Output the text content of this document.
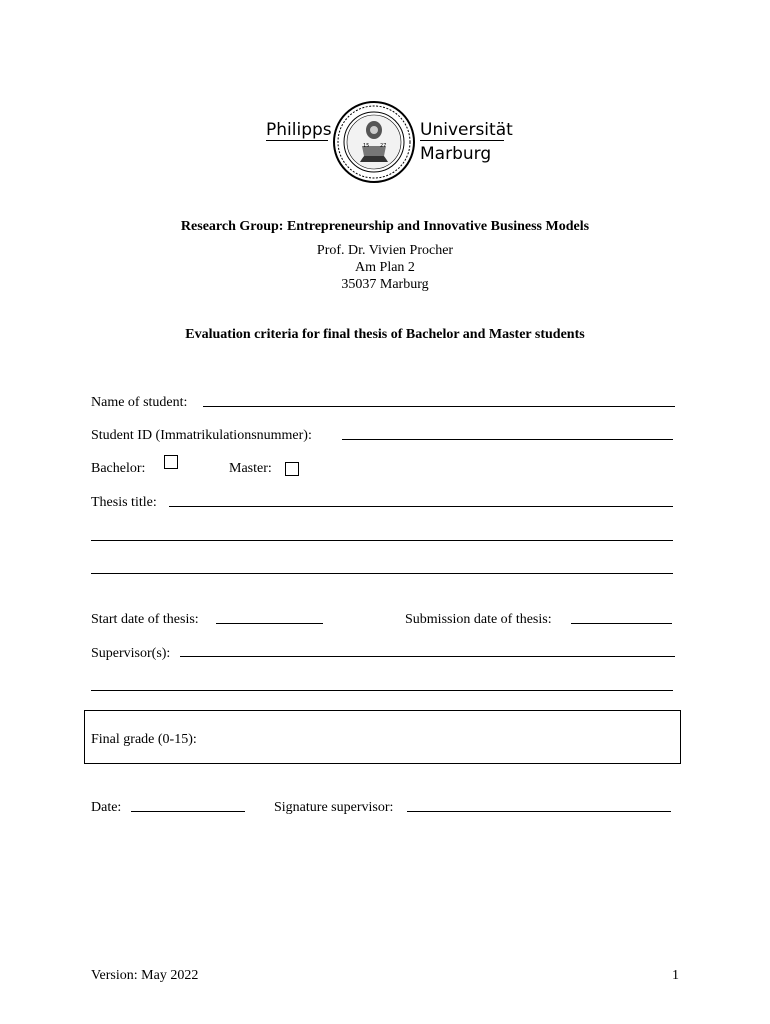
Philipps
15 27
Universität
Marburg
Research Group: Entrepreneurship and Innovative Business Models
Prof. Dr. Vivien Procher
Am Plan 2
35037 Marburg
Evaluation criteria for final thesis of Bachelor and Master students
Name of student:
Student ID (Immatrikulationsnummer):
Bachelor:	Master:
Thesis title:
Start date of thesis:	Submission date of thesis:
Supervisor(s):
Final grade (0-15):
Date:	Signature supervisor:
Version: May 2022	1
